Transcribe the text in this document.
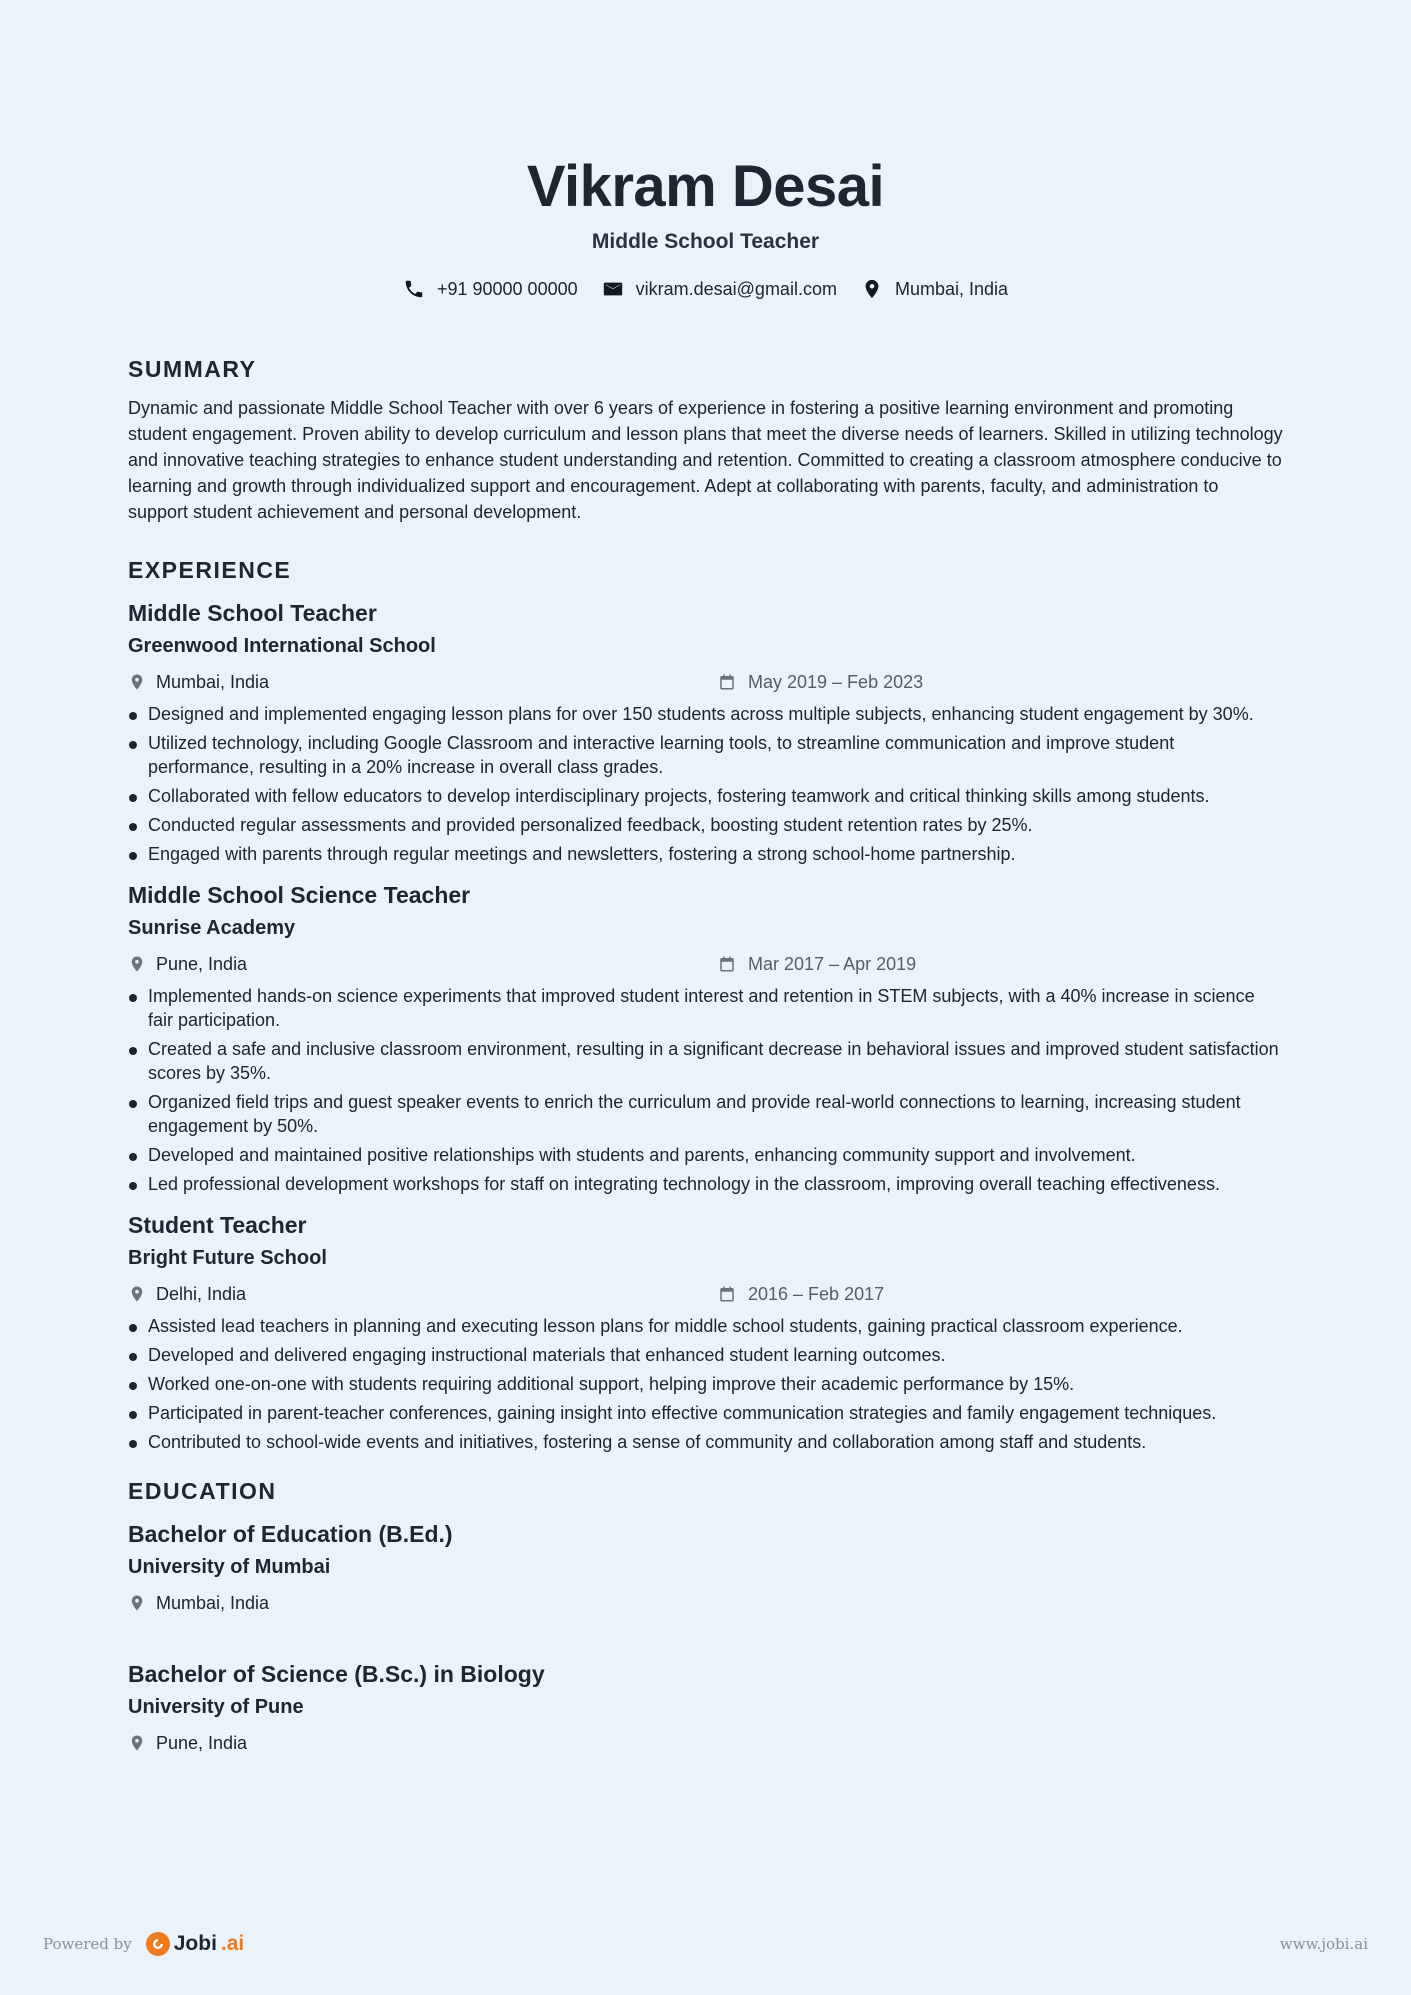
Vikram Desai
Middle School Teacher
+91 90000 00000	vikram.desai@gmail.com	Mumbai, India
SUMMARY
Dynamic and passionate Middle School Teacher with over 6 years of experience in fostering a positive learning environment and promoting student engagement. Proven ability to develop curriculum and lesson plans that meet the diverse needs of learners. Skilled in utilizing technology and innovative teaching strategies to enhance student understanding and retention. Committed to creating a classroom atmosphere conducive to learning and growth through individualized support and encouragement. Adept at collaborating with parents, faculty, and administration to support student achievement and personal development.
EXPERIENCE
Middle School Teacher
Greenwood International School
Mumbai, India	May 2019 – Feb 2023
Designed and implemented engaging lesson plans for over 150 students across multiple subjects, enhancing student engagement by 30%.
Utilized technology, including Google Classroom and interactive learning tools, to streamline communication and improve student performance, resulting in a 20% increase in overall class grades.
Collaborated with fellow educators to develop interdisciplinary projects, fostering teamwork and critical thinking skills among students.
Conducted regular assessments and provided personalized feedback, boosting student retention rates by 25%.
Engaged with parents through regular meetings and newsletters, fostering a strong school-home partnership.
Middle School Science Teacher
Sunrise Academy
Pune, India	Mar 2017 – Apr 2019
Implemented hands-on science experiments that improved student interest and retention in STEM subjects, with a 40% increase in science fair participation.
Created a safe and inclusive classroom environment, resulting in a significant decrease in behavioral issues and improved student satisfaction scores by 35%.
Organized field trips and guest speaker events to enrich the curriculum and provide real-world connections to learning, increasing student engagement by 50%.
Developed and maintained positive relationships with students and parents, enhancing community support and involvement.
Led professional development workshops for staff on integrating technology in the classroom, improving overall teaching effectiveness.
Student Teacher
Bright Future School
Delhi, India	2016 – Feb 2017
Assisted lead teachers in planning and executing lesson plans for middle school students, gaining practical classroom experience.
Developed and delivered engaging instructional materials that enhanced student learning outcomes.
Worked one-on-one with students requiring additional support, helping improve their academic performance by 15%.
Participated in parent-teacher conferences, gaining insight into effective communication strategies and family engagement techniques.
Contributed to school-wide events and initiatives, fostering a sense of community and collaboration among staff and students.
EDUCATION
Bachelor of Education (B.Ed.)
University of Mumbai
Mumbai, India
Bachelor of Science (B.Sc.) in Biology
University of Pune
Pune, India
Powered by Jobi .ai	www.jobi.ai
